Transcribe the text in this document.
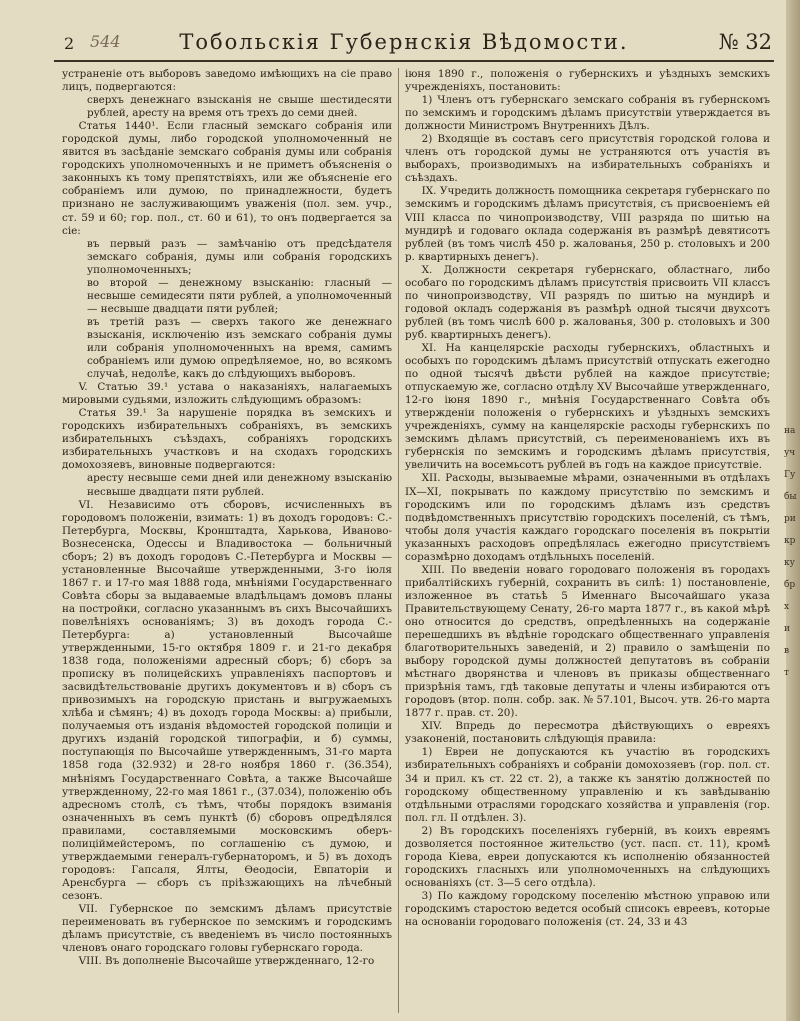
2 544	Тобольскія Губернскія Вѣдомости.	№ 32

устраненіе отъ выборовъ заведомо имѣющихъ на сіе право лицъ, подвергаются:

сверхъ денежнаго взысканія не свыше шестидесяти рублей, аресту на время отъ трехъ до семи дней.

Статья 1440¹. Если гласный земскаго собранія или городской думы, либо городской уполномоченный не явится въ засѣданіе земскаго собранія думы или собранія городскихъ уполномоченныхъ и не приметъ объясненія о законныхъ къ тому препятствіяхъ, или же объясненіе его собраніемъ или думою, по принадлежности, будетъ признано не заслуживающимъ уваженія (пол. зем. учр., ст. 59 и 60; гор. пол., ст. 60 и 61), то онъ подвергается за сіе:

въ первый разъ — замѣчанію отъ предсѣдателя земскаго собранія, думы или собранія городскихъ уполномоченныхъ;

во второй — денежному взысканію: гласный — несвыше семидесяти пяти рублей, а уполномоченный — несвыше двадцати пяти рублей;

въ третій разъ — сверхъ такого же денежнаго взысканія, исключенію изъ земскаго собранія думы или собранія уполномоченныхъ на время, самимъ собраніемъ или думою опредѣляемое, но, во всякомъ случаѣ, недолѣе, какъ до слѣдующихъ выборовъ.

V. Статью 39.¹ устава о наказаніяхъ, налагаемыхъ мировыми судьями, изложить слѣдующимъ образомъ:

Статья 39.¹ За нарушеніе порядка въ земскихъ и городскихъ избирательныхъ собраніяхъ, въ земскихъ избирательныхъ съѣздахъ, собраніяхъ городскихъ избирательныхъ участковъ и на сходахъ городскихъ домохозяевъ, виновные подвергаются:

аресту несвыше семи дней или денежному взысканію несвыше двадцати пяти рублей.

VI. Независимо отъ сборовъ, исчисленныхъ въ городовомъ положеніи, взимать: 1) въ доходъ городовъ: С.-Петербурга, Москвы, Кронштадта, Харькова, Иваново-Вознесенска, Одессы и Владивостока — больничный сборъ; 2) въ доходъ городовъ С.-Петербурга и Москвы — установленные Высочайше утвержденными, 3-го іюля 1867 г. и 17-го мая 1888 года, мнѣніями Государственнаго Совѣта сборы за выдаваемые владѣльцамъ домовъ планы на постройки, согласно указаннымъ въ сихъ Высочайшихъ повелѣніяхъ основаніямъ; 3) въ доходъ города С.-Петербурга: а) установленный Высочайше утвержденными, 15-го октября 1809 г. и 21-го декабря 1838 года, положеніями адресный сборъ; б) сборъ за прописку въ полицейскихъ управленіяхъ паспортовъ и засвидѣтельствованіе другихъ документовъ и в) сборъ съ привозимыхъ на городскую пристань и выгружаемыхъ хлѣба и сѣмянъ; 4) въ доходъ города Москвы: а) прибыли, получаемыя отъ изданія вѣдомостей городской полиціи и другихъ изданій городской типографіи, и б) суммы, поступающія по Высочайше утвержденнымъ, 31-го марта 1858 года (32.932) и 28-го ноября 1860 г. (36.354), мнѣніямъ Государственнаго Совѣта, а также Высочайше утвержденному, 22-го мая 1861 г., (37.034), положенію объ адресномъ столѣ, съ тѣмъ, чтобы порядокъ взиманія означенныхъ въ семъ пунктѣ (б) сборовъ опредѣлялся правилами, составляемыми московскимъ оберъ-полиціймейстеромъ, по соглашенію съ думою, и утверждаемыми генералъ-губернаторомъ, и 5) въ доходъ городовъ: Гапсаля, Ялты, Ѳеодосіи, Евпаторіи и Аренсбурга — сборъ съ пріѣзжающихъ на лѣчебный сезонъ.

VII. Губернское по земскимъ дѣламъ присутствіе переименовать въ губернское по земскимъ и городскимъ дѣламъ присутствіе, съ введеніемъ въ число постоянныхъ членовъ онаго городскаго головы губернскаго города.

VIII. Въ дополненіе Высочайше утвержденнаго, 12-го

іюня 1890 г., положенія о губернскихъ и уѣздныхъ земскихъ учрежденіяхъ, постановить:

1) Членъ отъ губернскаго земскаго собранія въ губернскомъ по земскимъ и городскимъ дѣламъ присутствіи утверждается въ должности Министромъ Внутреннихъ Дѣлъ.

2) Входящіе въ составъ сего присутствія городской голова и членъ отъ городской думы не устраняются отъ участія въ выборахъ, производимыхъ на избирательныхъ собраніяхъ и съѣздахъ.

IX. Учредить должность помощника секретаря губернскаго по земскимъ и городскимъ дѣламъ присутствія, съ присвоеніемъ ей VIII класса по чинопроизводству, VIII разряда по шитью на мундирѣ и годоваго оклада содержанія въ размѣрѣ девятисотъ рублей (въ томъ числѣ 450 р. жалованья, 250 р. столовыхъ и 200 р. квартирныхъ денегъ).

X. Должности секретаря губернскаго, областнаго, либо особаго по городскимъ дѣламъ присутствія присвоить VII классъ по чинопроизводству, VII разрядъ по шитью на мундирѣ и годовой окладъ содержанія въ размѣрѣ одной тысячи двухсотъ рублей (въ томъ числѣ 600 р. жалованья, 300 р. столовыхъ и 300 руб. квартирныхъ денегъ).

XI. На канцелярскіе расходы губернскихъ, областныхъ и особыхъ по городскимъ дѣламъ присутствій отпускать ежегодно по одной тысячѣ двѣсти рублей на каждое присутствіе; отпускаемую же, согласно отдѣлу XV Высочайше утвержденнаго, 12-го іюня 1890 г., мнѣнія Государственнаго Совѣта объ утвержденіи положенія о губернскихъ и уѣздныхъ земскихъ учрежденіяхъ, сумму на канцелярскіе расходы губернскихъ по земскимъ дѣламъ присутствій, съ переименованіемъ ихъ въ губернскія по земскимъ и городскимъ дѣламъ присутствія, увеличить на восемьсотъ рублей въ годъ на каждое присутствіе.

XII. Расходы, вызываемые мѣрами, означенными въ отдѣлахъ IX—XI, покрывать по каждому присутствію по земскимъ и городскимъ или по городскимъ дѣламъ изъ средствъ подвѣдомственныхъ присутствію городскихъ поселеній, съ тѣмъ, чтобы доля участія каждаго городскаго поселенія въ покрытіи указанныхъ расходовъ опредѣлялась ежегодно присутствіемъ соразмѣрно доходамъ отдѣльныхъ поселеній.

XIII. По введеніи новаго городоваго положенія въ городахъ прибалтійскихъ губерній, сохранить въ силѣ: 1) постановленіе, изложенное въ статьѣ 5 Именнаго Высочайшаго указа Правительствующему Сенату, 26-го марта 1877 г., въ какой мѣрѣ оно относится до средствъ, опредѣленныхъ на содержаніе перешедшихъ въ вѣдѣніе городскаго общественнаго управленія благотворительныхъ заведеній, и 2) правило о замѣщеніи по выбору городской думы должностей депутатовъ въ собраніи мѣстнаго дворянства и членовъ въ приказы общественнаго призрѣнія тамъ, гдѣ таковые депутаты и члены избираются отъ городовъ (втор. полн. собр. зак. № 57.101, Высоч. утв. 26-го марта 1877 г. прав. ст. 20).

XIV. Впредь до пересмотра дѣйствующихъ о евреяхъ узаконеній, постановить слѣдующія правила:

1) Евреи не допускаются къ участію въ городскихъ избирательныхъ собраніяхъ и собраніи домохозяевъ (гор. пол. ст. 34 и прил. къ ст. 22 ст. 2), а также къ занятію должностей по городскому общественному управленію и къ завѣдыванію отдѣльными отраслями городскаго хозяйства и управленія (гор. пол. гл. II отдѣлен. 3).

2) Въ городскихъ поселеніяхъ губерній, въ коихъ евреямъ дозволяется постоянное жительство (уст. пасп. ст. 11), кромѣ города Кіева, евреи допускаются къ исполненію обязанностей городскихъ гласныхъ или уполномоченныхъ на слѣдующихъ основаніяхъ (ст. 3—5 сего отдѣла).

3) По каждому городскому поселенію мѣстною управою или городскимъ старостою ведется особый списокъ евреевъ, которые на основаніи городоваго положенія (ст. 24, 33 и 43

на
уч
Гу
бы
ри
кр
ку
бр
х
и
в
т
